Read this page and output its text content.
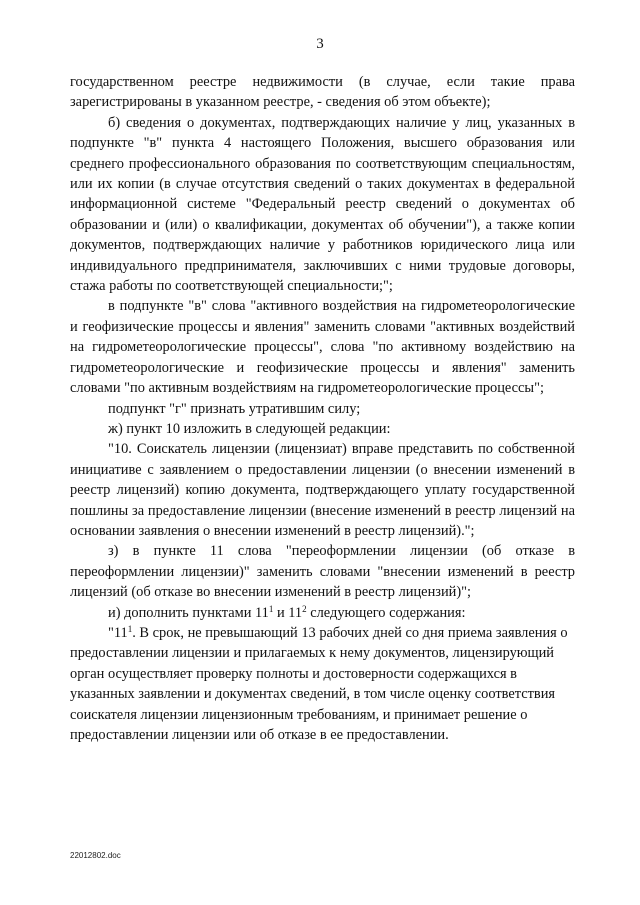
3

государственном реестре недвижимости (в случае, если такие права зарегистрированы в указанном реестре, - сведения об этом объекте);

б) сведения о документах, подтверждающих наличие у лиц, указанных в подпункте "в" пункта 4 настоящего Положения, высшего образования или среднего профессионального образования по соответствующим специальностям, или их копии (в случае отсутствия сведений о таких документах в федеральной информационной системе "Федеральный реестр сведений о документах об образовании и (или) о квалификации, документах об обучении"), а также копии документов, подтверждающих наличие у работников юридического лица или индивидуального предпринимателя, заключивших с ними трудовые договоры, стажа работы по соответствующей специальности;";

в подпункте "в" слова "активного воздействия на гидрометеорологические и геофизические процессы и явления" заменить словами "активных воздействий на гидрометеорологические процессы", слова "по активному воздействию на гидрометеорологические и геофизические процессы и явления" заменить словами "по активным воздействиям на гидрометеорологические процессы";

подпункт "г" признать утратившим силу;

ж) пункт 10 изложить в следующей редакции:

"10. Соискатель лицензии (лицензиат) вправе представить по собственной инициативе с заявлением о предоставлении лицензии (о внесении изменений в реестр лицензий) копию документа, подтверждающего уплату государственной пошлины за предоставление лицензии (внесение изменений в реестр лицензий на основании заявления о внесении изменений в реестр лицензий).";

з) в пункте 11 слова "переоформлении лицензии (об отказе в переоформлении лицензии)" заменить словами "внесении изменений в реестр лицензий (об отказе во внесении изменений в реестр лицензий)";

и) дополнить пунктами $11^1$ и $11^2$ следующего содержания:

"$11^1$. В срок, не превышающий 13 рабочих дней со дня приема заявления о предоставлении лицензии и прилагаемых к нему документов, лицензирующий орган осуществляет проверку полноты и достоверности содержащихся в указанных заявлении и документах сведений, в том числе оценку соответствия соискателя лицензии лицензионным требованиям, и принимает решение о предоставлении лицензии или об отказе в ее предоставлении.

22012802.doc
